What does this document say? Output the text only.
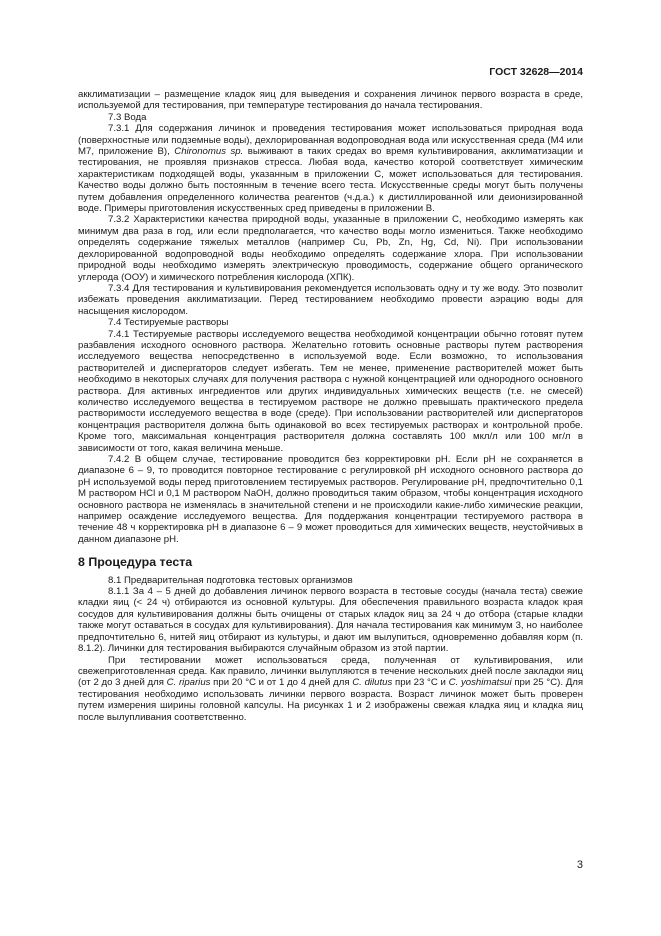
ГОСТ 32628—2014

акклиматизации – размещение кладок яиц для выведения и сохранения личинок первого возраста в среде, используемой для тестирования, при температуре тестирования до начала тестирования.

7.3 Вода

7.3.1 Для содержания личинок и проведения тестирования может использоваться природная вода (поверхностные или подземные воды), дехлорированная водопроводная вода или искусственная среда (М4 или М7, приложение В), Chironomus sp. выживают в таких средах во время культивирования, акклиматизации и тестирования, не проявляя признаков стресса. Любая вода, качество которой соответствует химическим характеристикам подходящей воды, указанным в приложении С, может использоваться для тестирования. Качество воды должно быть постоянным в течение всего теста. Искусственные среды могут быть получены путем добавления определенного количества реагентов (ч.д.а.) к дистиллированной или деионизированной воде. Примеры приготовления искусственных сред приведены в приложении В.

7.3.2 Характеристики качества природной воды, указанные в приложении С, необходимо измерять как минимум два раза в год, или если предполагается, что качество воды могло измениться. Также необходимо определять содержание тяжелых металлов (например Cu, Pb, Zn, Hg, Cd, Ni). При использовании дехлорированной водопроводной воды необходимо определять содержание хлора. При использовании природной воды необходимо измерять электрическую проводимость, содержание общего органического углерода (ООУ) и химического потребления кислорода (ХПК).

7.3.4 Для тестирования и культивирования рекомендуется использовать одну и ту же воду. Это позволит избежать проведения акклиматизации. Перед тестированием необходимо провести аэрацию воды для насыщения кислородом.

7.4 Тестируемые растворы

7.4.1 Тестируемые растворы исследуемого вещества необходимой концентрации обычно готовят путем разбавления исходного основного раствора. Желательно готовить основные растворы путем растворения исследуемого вещества непосредственно в используемой воде. Если возможно, то использования растворителей и диспергаторов следует избегать. Тем не менее, применение растворителей может быть необходимо в некоторых случаях для получения раствора с нужной концентрацией или однородного основного раствора. Для активных ингредиентов или других индивидуальных химических веществ (т.е. не смесей) количество исследуемого вещества в тестируемом растворе не должно превышать практического предела растворимости исследуемого вещества в воде (среде). При использовании растворителей или диспергаторов концентрация растворителя должна быть одинаковой во всех тестируемых растворах и контрольной пробе. Кроме того, максимальная концентрация растворителя должна составлять 100 мкл/л или 100 мг/л в зависимости от того, какая величина меньше.

7.4.2 В общем случае, тестирование проводится без корректировки рН. Если рН не сохраняется в диапазоне 6 – 9, то проводится повторное тестирование с регулировкой рН исходного основного раствора до рН используемой воды перед приготовлением тестируемых растворов. Регулирование рН, предпочтительно 0,1 М раствором HCl и 0,1 М раствором NaOH, должно проводиться таким образом, чтобы концентрация исходного основного раствора не изменялась в значительной степени и не происходили какие-либо химические реакции, например осаждение исследуемого вещества. Для поддержания концентрации тестируемого раствора в течение 48 ч корректировка рН в диапазоне 6 – 9 может проводиться для химических веществ, неустойчивых в данном диапазоне рН.

8 Процедура теста

8.1 Предварительная подготовка тестовых организмов

8.1.1 За 4 – 5 дней до добавления личинок первого возраста в тестовые сосуды (начала теста) свежие кладки яиц (< 24 ч) отбираются из основной культуры. Для обеспечения правильного возраста кладок края сосудов для культивирования должны быть очищены от старых кладок яиц за 24 ч до отбора (старые кладки также могут оставаться в сосудах для культивирования). Для начала тестирования как минимум 3, но наиболее предпочтительно 6, нитей яиц отбирают из культуры, и дают им вылупиться, одновременно добавляя корм (п. 8.1.2). Личинки для тестирования выбираются случайным образом из этой партии.

При тестировании может использоваться среда, полученная от культивирования, или свежеприготовленная среда. Как правило, личинки вылупляются в течение нескольких дней после закладки яиц (от 2 до 3 дней для C. riparius при 20 °С и от 1 до 4 дней для C. dilutus при 23 °С и C. yoshimatsui при 25 °С). Для тестирования необходимо использовать личинки первого возраста. Возраст личинок может быть проверен путем измерения ширины головной капсулы. На рисунках 1 и 2 изображены свежая кладка яиц и кладка яиц после вылупливания соответственно.

3
